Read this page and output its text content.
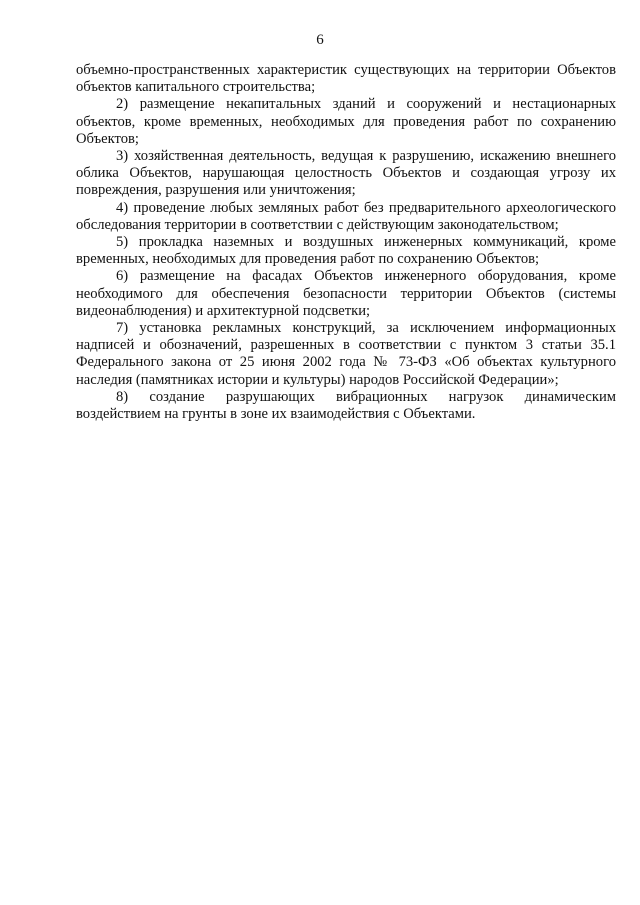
6

объемно-пространственных характеристик существующих на территории Объектов объектов капитального строительства;

2) размещение некапитальных зданий и сооружений и нестационарных объектов, кроме временных, необходимых для проведения работ по сохранению Объектов;

3) хозяйственная деятельность, ведущая к разрушению, искажению внешнего облика Объектов, нарушающая целостность Объектов и создающая угрозу их повреждения, разрушения или уничтожения;

4) проведение любых земляных работ без предварительного археологического обследования территории в соответствии с действующим законодательством;

5) прокладка наземных и воздушных инженерных коммуникаций, кроме временных, необходимых для проведения работ по сохранению Объектов;

6) размещение на фасадах Объектов инженерного оборудования, кроме необходимого для обеспечения безопасности территории Объектов (системы видеонаблюдения) и архитектурной подсветки;

7) установка рекламных конструкций, за исключением информационных надписей и обозначений, разрешенных в соответствии с пунктом 3 статьи 35.1 Федерального закона от 25 июня 2002 года № 73-ФЗ «Об объектах культурного наследия (памятниках истории и культуры) народов Российской Федерации»;

8) создание разрушающих вибрационных нагрузок динамическим воздействием на грунты в зоне их взаимодействия с Объектами.
